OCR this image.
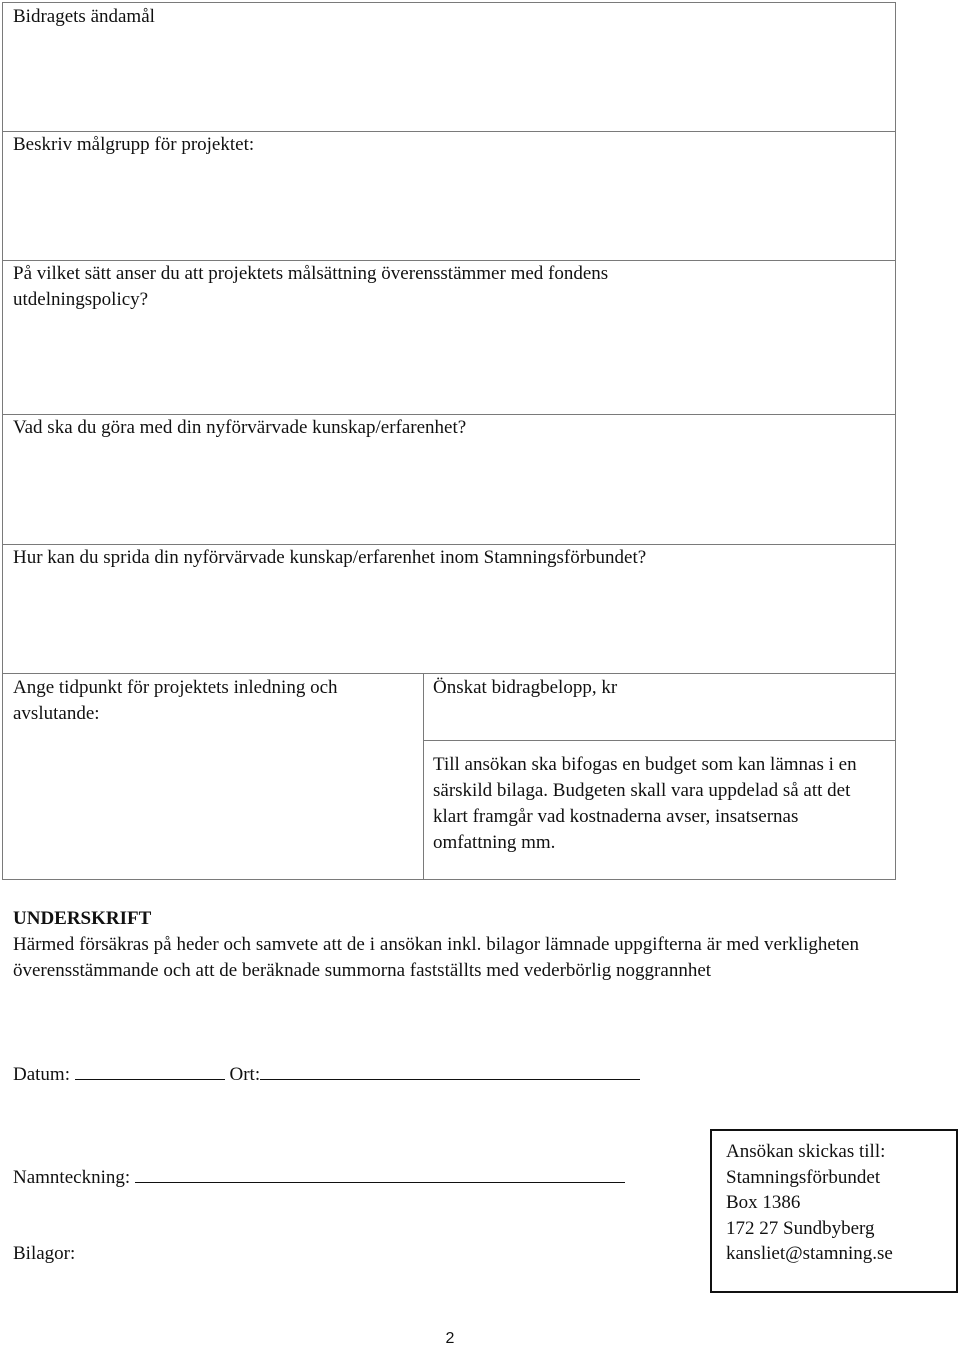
Bidragets ändamål

Beskriv målgrupp för projektet:

På vilket sätt anser du att projektets målsättning överensstämmer med fondens utdelningspolicy?

Vad ska du göra med din nyförvärvade kunskap/erfarenhet?

Hur kan du sprida din nyförvärvade kunskap/erfarenhet inom Stamningsförbundet?

Ange tidpunkt för projektets inledning och avslutande:

Önskat bidragbelopp, kr

Till ansökan ska bifogas en budget som kan lämnas i en särskild bilaga. Budgeten skall vara uppdelad så att det klart framgår vad kostnaderna avser, insatsernas omfattning mm.

UNDERSKRIFT

Härmed försäkras på heder och samvete att de i ansökan inkl. bilagor lämnade uppgifterna är med verkligheten överensstämmande och att de beräknade summorna fastställts med vederbörlig noggrannhet

Datum:	Ort:
Namnteckning:

Bilagor:

Ansökan skickas till:
Stamningsförbundet
Box 1386
172 27 Sundbyberg
kansliet@stamning.se
2
